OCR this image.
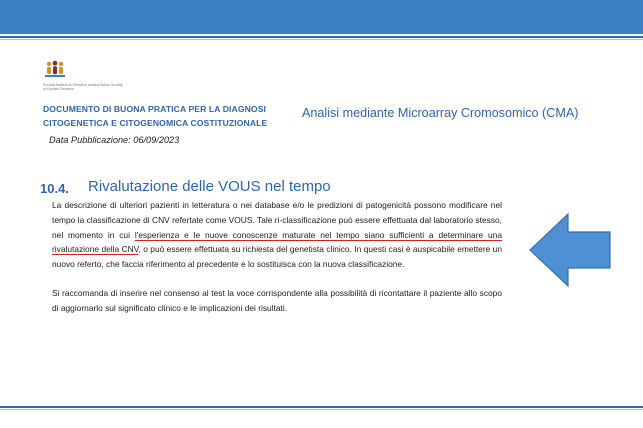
Società Italiana di Genetica Umana Italian Society of Human Genetics
DOCUMENTO DI BUONA PRATICA PER LA DIAGNOSI CITOGENETICA E CITOGENOMICA COSTITUZIONALE
Analisi mediante Microarray Cromosomico (CMA)
Data Pubblicazione: 06/09/2023
10.4. Rivalutazione delle VOUS nel tempo
La descrizione di ulteriori pazienti in letteratura o nei database e/o le predizioni di patogenicità possono modificare nel tempo la classificazione di CNV refertate come VOUS. Tale ri-classificazione può essere effettuata dal laboratorio stesso, nel momento in cui l'esperienza e le nuove conoscenze maturate nel tempo siano sufficienti a determinare una rivalutazione della CNV, o può essere effettuata su richiesta del genetista clinico. In questi casi è auspicabile emettere un nuovo referto, che faccia riferimento al precedente e lo sostituisca con la nuova classificazione.
Si raccomanda di inserire nel consenso al test la voce corrispondente alla possibilità di ricontattare il paziente allo scopo di aggiornarlo sul significato clinico e le implicazioni dei risultati.
